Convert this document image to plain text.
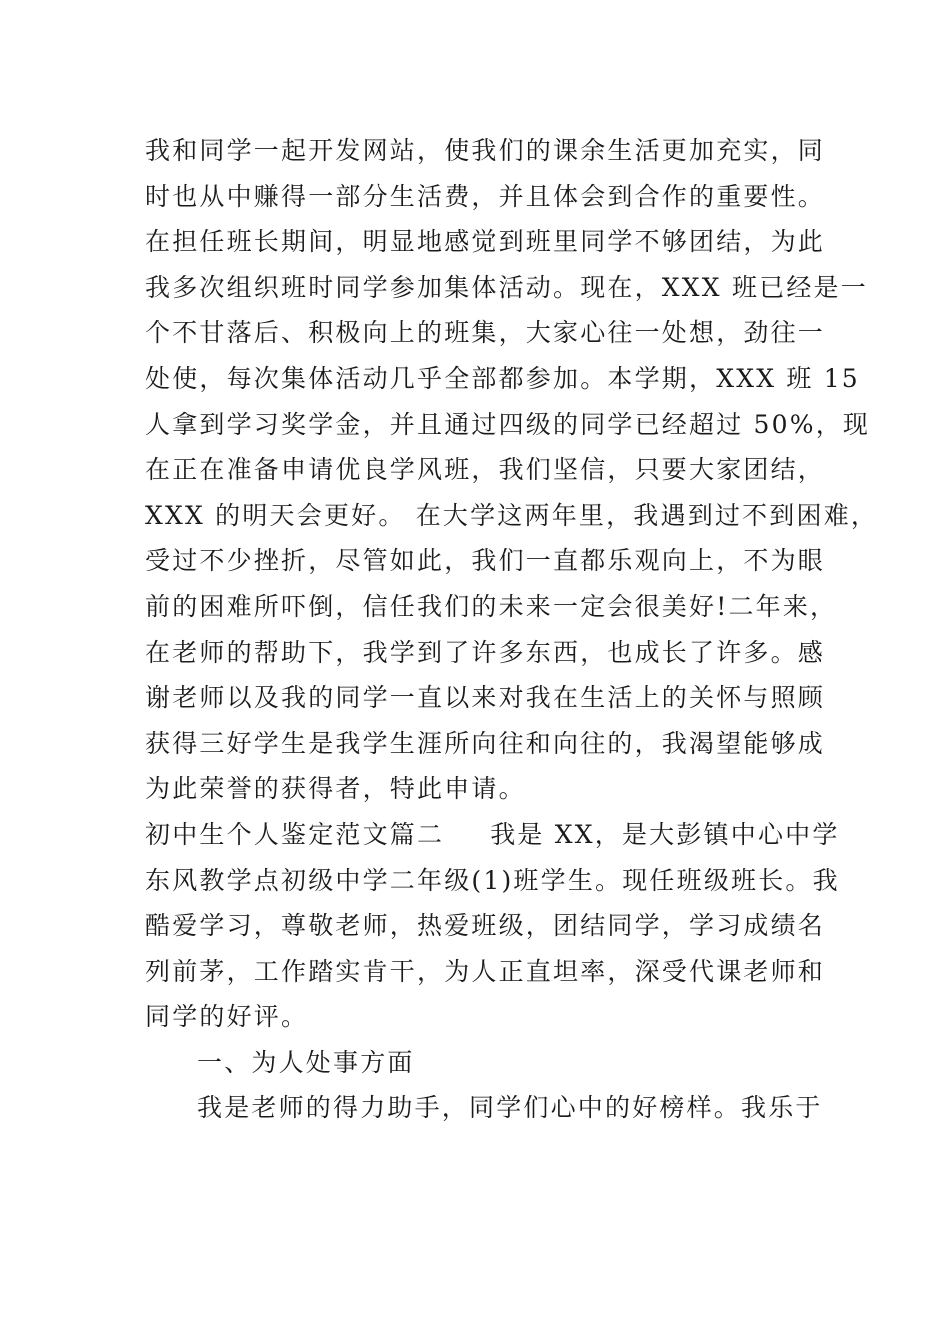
我和同学一起开发网站，使我们的课余生活更加充实，同
时也从中赚得一部分生活费，并且体会到合作的重要性。
在担任班长期间，明显地感觉到班里同学不够团结，为此
我多次组织班时同学参加集体活动。现在，XXX 班已经是一
个不甘落后、积极向上的班集，大家心往一处想，劲往一
处使，每次集体活动几乎全部都参加。本学期，XXX 班 15
人拿到学习奖学金，并且通过四级的同学已经超过 50%，现
在正在准备申请优良学风班，我们坚信，只要大家团结，
XXX 的明天会更好。 在大学这两年里，我遇到过不到困难，
受过不少挫折，尽管如此，我们一直都乐观向上，不为眼
前的困难所吓倒，信任我们的未来一定会很美好!二年来，
在老师的帮助下，我学到了许多东西，也成长了许多。感
谢老师以及我的同学一直以来对我在生活上的关怀与照顾
获得三好学生是我学生涯所向往和向往的，我渴望能够成
为此荣誉的获得者，特此申请。
初中生个人鉴定范文篇二 我是 XX，是大彭镇中心中学
东风教学点初级中学二年级(1)班学生。现任班级班长。我
酷爱学习，尊敬老师，热爱班级，团结同学，学习成绩名
列前茅，工作踏实肯干，为人正直坦率，深受代课老师和
同学的好评。
一、为人处事方面
我是老师的得力助手，同学们心中的好榜样。我乐于
